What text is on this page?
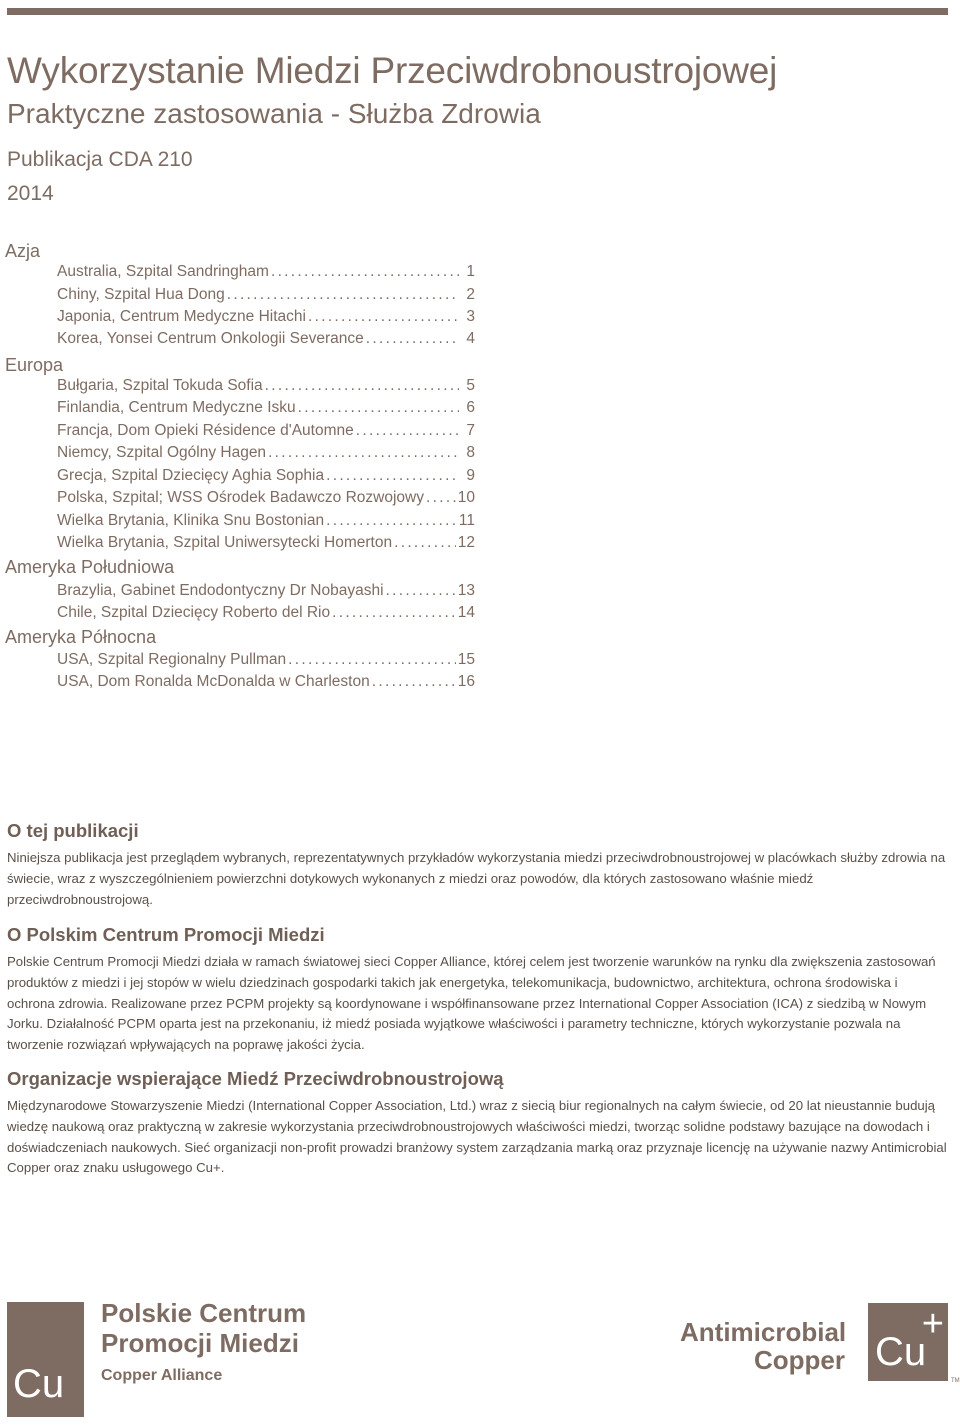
Wykorzystanie Miedzi Przeciwdrobnoustrojowej
Praktyczne zastosowania - Służba Zdrowia
Publikacja CDA 210
2014
Azja
Australia, Szpital Sandringham . . .	1
Chiny, Szpital Hua Dong . . .	2
Japonia, Centrum Medyczne Hitachi . . .	3
Korea, Yonsei Centrum Onkologii Severance . . .	4
Europa
Bułgaria, Szpital Tokuda Sofia . . .	5
Finlandia, Centrum Medyczne Isku . . .	6
Francja, Dom Opieki Résidence d'Automne . . .	7
Niemcy, Szpital Ogólny Hagen . . .	8
Grecja, Szpital Dziecięcy Aghia Sophia . . .	9
Polska, Szpital; WSS Ośrodek Badawczo Rozwojowy . . . 10
Wielka Brytania, Klinika Snu Bostonian . . .	11
Wielka Brytania, Szpital Uniwersytecki Homerton . . .	12
Ameryka Południowa
Brazylia, Gabinet Endodontyczny Dr Nobayashi . . .	13
Chile, Szpital Dziecięcy Roberto del Rio . . .	14
Ameryka Północna
USA, Szpital Regionalny Pullman . . .	15
USA, Dom Ronalda McDonalda w Charleston . . .	16
O tej publikacji

Niniejsza publikacja jest przeglądem wybranych, reprezentatywnych przykładów wykorzystania miedzi przeciwdrobnoustrojowej w placówkach służby zdrowia na świecie, wraz z wyszczególnieniem powierzchni dotykowych wykonanych z miedzi oraz powodów, dla których zastosowano właśnie miedź przeciwdrobnoustrojową.

O Polskim Centrum Promocji Miedzi

Polskie Centrum Promocji Miedzi działa w ramach światowej sieci Copper Alliance, której celem jest tworzenie warunków na rynku dla zwiększenia zastosowań produktów z miedzi i jej stopów w wielu dziedzinach gospodarki takich jak energetyka, telekomunikacja, budownictwo, architektura, ochrona środowiska i ochrona zdrowia. Realizowane przez PCPM projekty są koordynowane i współfinansowane przez International Copper Association (ICA) z siedzibą w Nowym Jorku. Działalność PCPM oparta jest na przekonaniu, iż miedź posiada wyjątkowe właściwości i parametry techniczne, których wykorzystanie pozwala na tworzenie rozwiązań wpływających na poprawę jakości życia.

Organizacje wspierające Miedź Przeciwdrobnoustrojową

Międzynarodowe Stowarzyszenie Miedzi (International Copper Association, Ltd.) wraz z siecią biur regionalnych na całym świecie, od 20 lat nieustannie budują wiedzę naukową oraz praktyczną w zakresie wykorzystania przeciwdrobnoustrojowych właściwości miedzi, tworząc solidne podstawy bazujące na dowodach i doświadczeniach naukowych. Sieć organizacji non-profit prowadzi branżowy system zarządzania marką oraz przyznaje licencję na używanie nazwy Antimicrobial Copper oraz znaku usługowego Cu+.

Cu
Polskie Centrum
Promocji Miedzi
Copper Alliance
Antimicrobial
Copper Cu
+
TM
